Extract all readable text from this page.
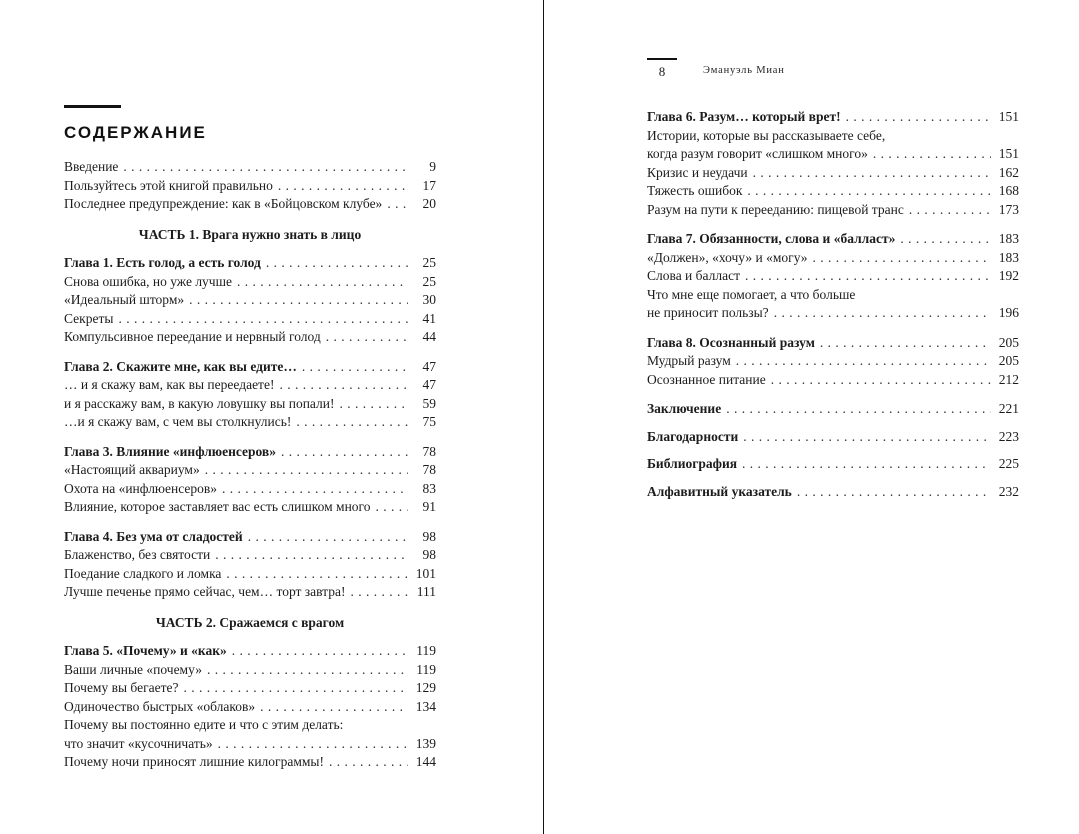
СОДЕРЖАНИЕ
Введение . . .	9
Пользуйтесь этой книгой правильно . . .	17
Последнее предупреждение: как в «Бойцовском клубе» . . .	20
ЧАСТЬ 1. Врага нужно знать в лицо
Глава 1. Есть голод, а есть голод . . .	25
Снова ошибка, но уже лучше . . .	25
«Идеальный шторм» . . .	30
Секреты . . .	41
Компульсивное переедание и нервный голод . . .	44
Глава 2. Скажите мне, как вы едите… . . .	47
… и я скажу вам, как вы переедаете! . . .	47
и я расскажу вам, в какую ловушку вы попали! . . .	59
…и я скажу вам, с чем вы столкнулись! . . .	75
Глава 3. Влияние «инфлюенсеров» . . .	78
«Настоящий аквариум» . . .	78
Охота на «инфлюенсеров» . . .	83
Влияние, которое заставляет вас есть слишком много . . .	91
Глава 4. Без ума от сладостей . . .	98
Блаженство, без святости . . .	98
Поедание сладкого и ломка . . .	101
Лучше печенье прямо сейчас, чем… торт завтра! . . .	111
ЧАСТЬ 2. Сражаемся с врагом
Глава 5. «Почему» и «как» . . .	119
Ваши личные «почему» . . .	119
Почему вы бегаете? . . .	129
Одиночество быстрых «облаков» . . .	134
Почему вы постоянно едите и что с этим делать:
что значит «кусочничать» . . .	139
Почему ночи приносят лишние килограммы! . . .	144
8	Эмануэль Миан
Глава 6. Разум… который врет! . . .	151
Истории, которые вы рассказываете себе,
когда разум говорит «слишком много» . . .	151
Кризис и неудачи . . .	162
Тяжесть ошибок . . .	168
Разум на пути к перееданию: пищевой транс . . .	173
Глава 7. Обязанности, слова и «балласт» . . .	183
«Должен», «хочу» и «могу» . . .	183
Слова и балласт . . .	192
Что мне еще помогает, а что больше
не приносит пользы? . . .	196
Глава 8. Осознанный разум . . .	205
Мудрый разум . . .	205
Осознанное питание . . .	212
Заключение . . .	221
Благодарности . . .	223
Библиография . . .	225
Алфавитный указатель . . .	232
